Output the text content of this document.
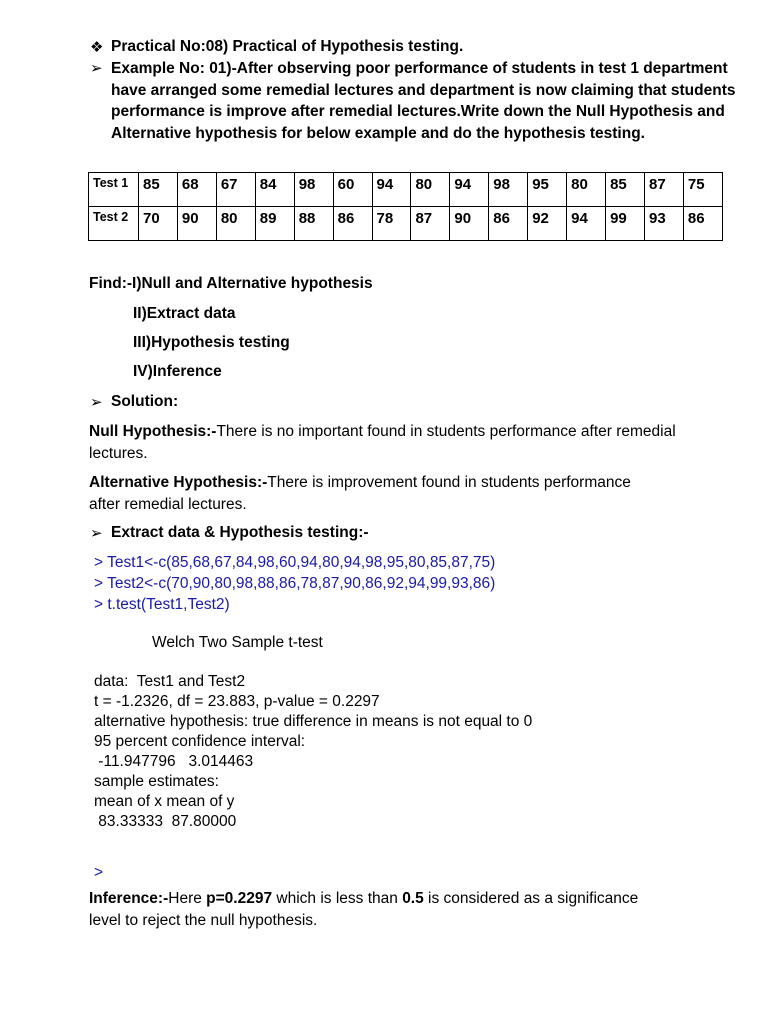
❖ Practical No:08) Practical of Hypothesis testing.
➢ Example No: 01)-After observing poor performance of students in test 1 department have arranged some remedial lectures and department is now claiming that students performance is improve after remedial lectures.Write down the Null Hypothesis and Alternative hypothesis for below example and do the hypothesis testing.
Test 1	85	68	67	84	98	60	94	80	94	98	95	80	85	87	75
Test 2	70	90	80	89	88	86	78	87	90	86	92	94	99	93	86
Find:-I)Null and Alternative hypothesis
II)Extract data
III)Hypothesis testing
IV)Inference
➢ Solution:
Null Hypothesis:-There is no important found in students performance after remedial lectures.
Alternative Hypothesis:-There is improvement found in students performance after remedial lectures.
➢ Extract data & Hypothesis testing:-
> Test1<-c(85,68,67,84,98,60,94,80,94,98,95,80,85,87,75)
> Test2<-c(70,90,80,98,88,86,78,87,90,86,92,94,99,93,86)
> t.test(Test1,Test2)
Welch Two Sample t-test
data:  Test1 and Test2
t = -1.2326, df = 23.883, p-value = 0.2297
alternative hypothesis: true difference in means is not equal to 0
95 percent confidence interval:
-11.947796   3.014463
sample estimates:
mean of x mean of y
83.33333  87.80000
>
Inference:-Here p=0.2297 which is less than 0.5 is considered as a significance level to reject the null hypothesis.
